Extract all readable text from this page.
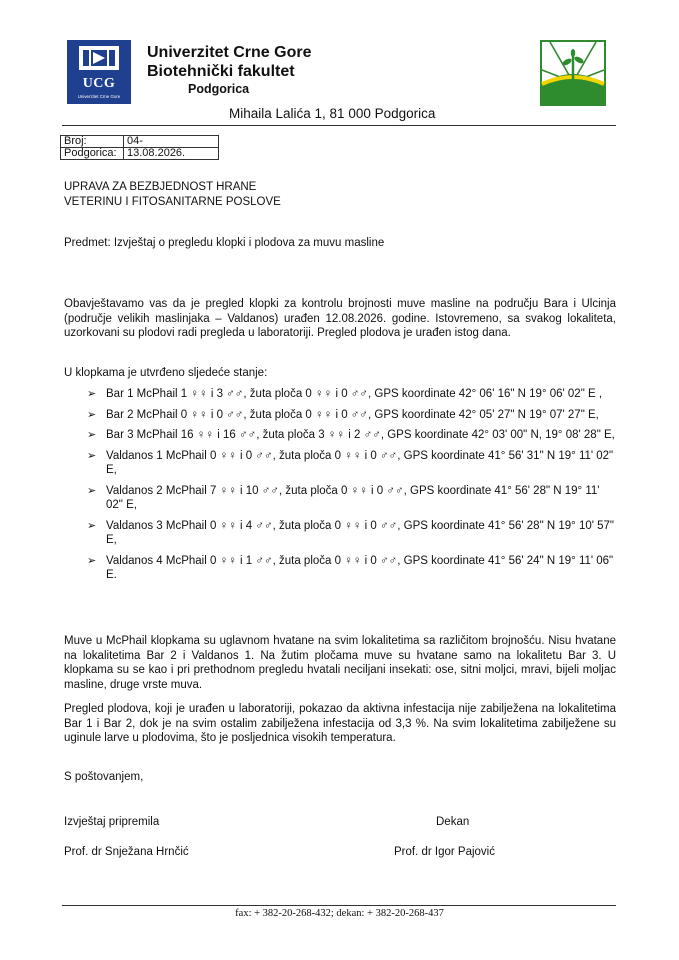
UCG
Univerzitet Crne Gore
Univerzitet Crne Gore
Biotehnički fakultet
Podgorica
Mihaila Lalića 1, 81 000 Podgorica
Broj:	04-
Podgorica:	13.08.2026.
UPRAVA ZA BEZBJEDNOST HRANE
VETERINU I FITOSANITARNE POSLOVE
Predmet: Izvještaj o pregledu klopki i plodova za muvu masline
Obavještavamo vas da je pregled klopki za kontrolu brojnosti muve masline na području Bara i Ulcinja (područje velikih maslinjaka – Valdanos) urađen 12.08.2026. godine. Istovremeno, sa svakog lokaliteta, uzorkovani su plodovi radi pregleda u laboratoriji. Pregled plodova je urađen istog dana.
U klopkama je utvrđeno sljedeće stanje:
➢ Bar 1 McPhail 1 ♀♀ i 3 ♂♂, žuta ploča 0 ♀♀ i 0 ♂♂, GPS koordinate 42° 06' 16" N 19° 06' 02" E ,
➢ Bar 2 McPhail 0 ♀♀ i 0 ♂♂, žuta ploča 0 ♀♀ i 0 ♂♂, GPS koordinate 42° 05' 27" N 19° 07' 27" E,
➢ Bar 3 McPhail 16 ♀♀ i 16 ♂♂, žuta ploča 3 ♀♀ i 2 ♂♂, GPS koordinate 42° 03' 00" N, 19° 08' 28" E,
➢ Valdanos 1 McPhail 0 ♀♀ i 0 ♂♂, žuta ploča 0 ♀♀ i 0 ♂♂, GPS koordinate 41° 56' 31" N 19° 11' 02" E,
➢ Valdanos 2 McPhail 7 ♀♀ i 10 ♂♂, žuta ploča 0 ♀♀ i 0 ♂♂, GPS koordinate 41° 56' 28" N 19° 11' 02" E,
➢ Valdanos 3 McPhail 0 ♀♀ i 4 ♂♂, žuta ploča 0 ♀♀ i 0 ♂♂, GPS koordinate 41° 56' 28" N 19° 10' 57" E,
➢ Valdanos 4 McPhail 0 ♀♀ i 1 ♂♂, žuta ploča 0 ♀♀ i 0 ♂♂, GPS koordinate 41° 56' 24" N 19° 11' 06" E.
Muve u McPhail klopkama su uglavnom hvatane na svim lokalitetima sa različitom brojnošću. Nisu hvatane na lokalitetima Bar 2 i Valdanos 1. Na žutim pločama muve su hvatane samo na lokalitetu Bar 3. U klopkama su se kao i pri prethodnom pregledu hvatali neciljani insekati: ose, sitni moljci, mravi, bijeli moljac masline, druge vrste muva.
Pregled plodova, koji je urađen u laboratoriji, pokazao da aktivna infestacija nije zabilježena na lokalitetima Bar 1 i Bar 2, dok je na svim ostalim zabilježena infestacija od 3,3 %. Na svim lokalitetima zabilježene su uginule larve u plodovima, što je posljednica visokih temperatura.
S poštovanjem,
Izvještaj pripremila	Dekan
Prof. dr Snježana Hrnčić	Prof. dr Igor Pajović
fax: + 382-20-268-432; dekan: + 382-20-268-437
